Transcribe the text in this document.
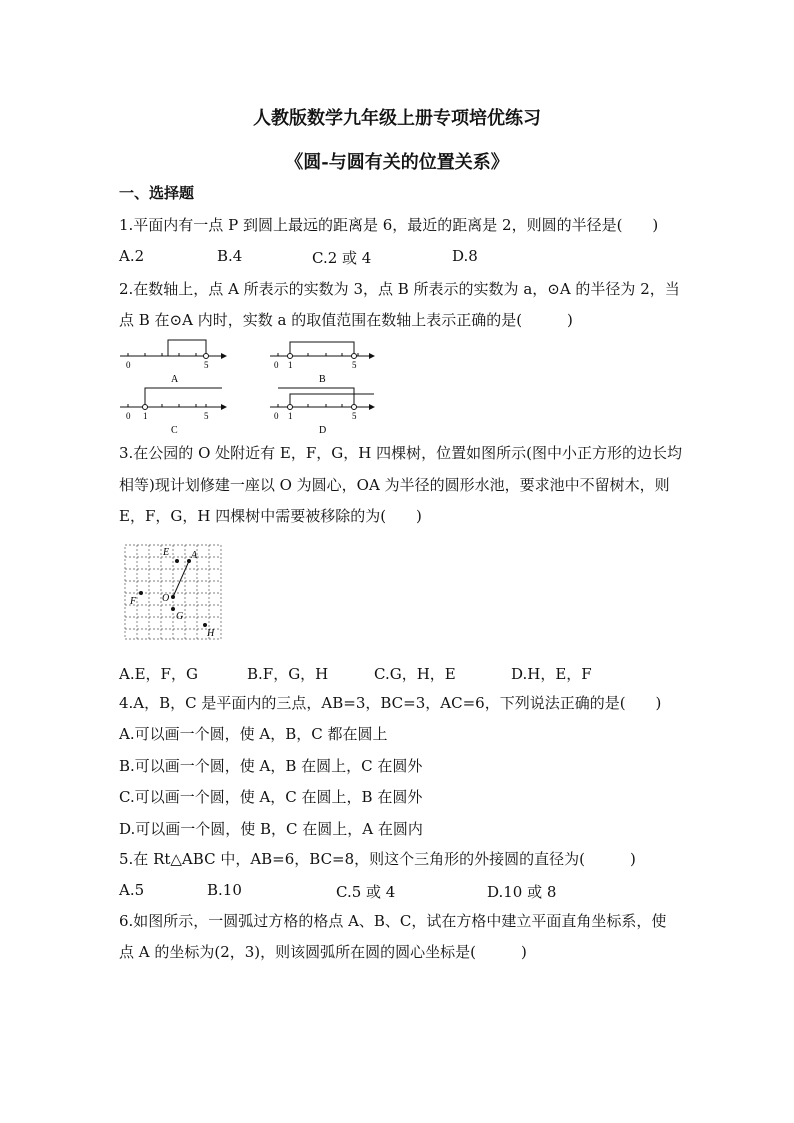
人教版数学九年级上册专项培优练习
《圆-与圆有关的位置关系》
一、选择题
1.平面内有一点 P 到圆上最远的距离是 6，最近的距离是 2，则圆的半径是(　　)
A.2	B.4	C.2 或 4	D.8
2.在数轴上，点 A 所表示的实数为 3，点 B 所表示的实数为 a，⊙A 的半径为 2，当
点 B 在⊙A 内时，实数 a 的取值范围在数轴上表示正确的是(　　　)
0	5
A
0 1	5
B
0 1	5
C
0 1	5
D
3.在公园的 O 处附近有 E，F，G，H 四棵树，位置如图所示(图中小正方形的边长均
相等)现计划修建一座以 O 为圆心，OA 为半径的圆形水池，要求池中不留树木，则
E，F，G，H 四棵树中需要被移除的为(　　)
E A
F	O
G
H
A.E，F，G	B.F，G，H	C.G，H，E	D.H，E，F
4.A，B，C 是平面内的三点，AB=3，BC=3，AC=6，下列说法正确的是(　　)
A.可以画一个圆，使 A，B，C 都在圆上
B.可以画一个圆，使 A，B 在圆上，C 在圆外
C.可以画一个圆，使 A，C 在圆上，B 在圆外
D.可以画一个圆，使 B，C 在圆上，A 在圆内
5.在 Rt△ABC 中，AB=6，BC=8，则这个三角形的外接圆的直径为(　　　)
A.5	B.10	C.5 或 4	D.10 或 8
6.如图所示，一圆弧过方格的格点 A、B、C，试在方格中建立平面直角坐标系，使
点 A 的坐标为(2，3)，则该圆弧所在圆的圆心坐标是(　　　)
